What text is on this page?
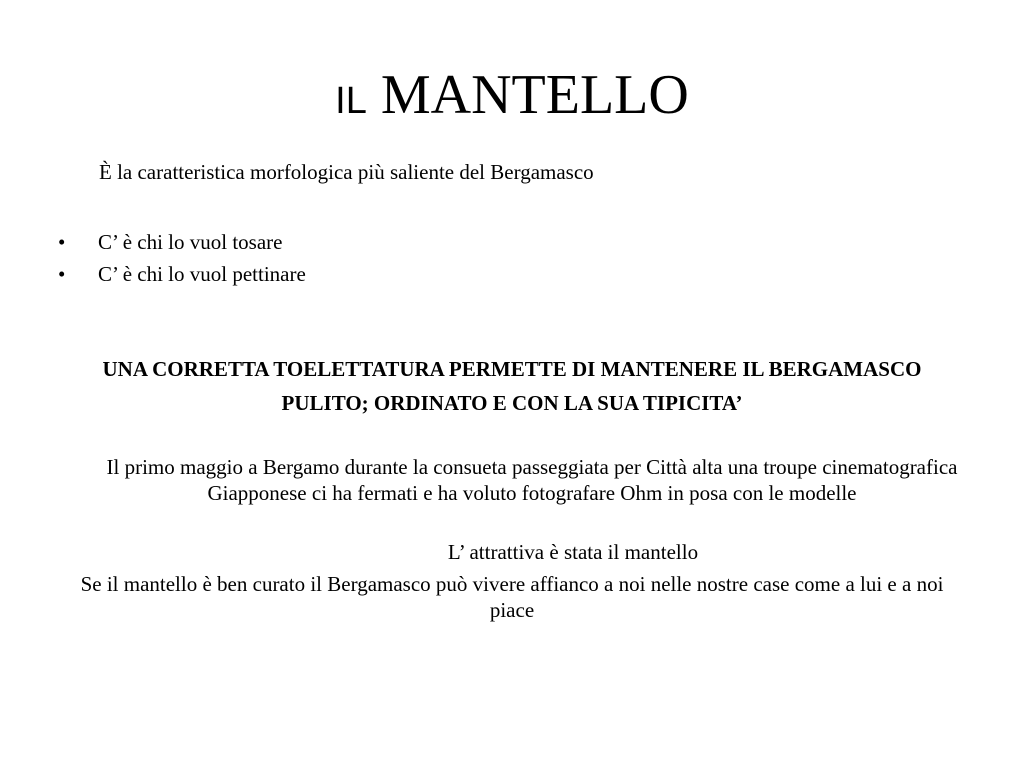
IL MANTELLO
È la caratteristica morfologica più saliente del Bergamasco
• C’ è chi lo vuol tosare
• C’ è chi lo vuol pettinare
UNA CORRETTA TOELETTATURA PERMETTE DI MANTENERE IL BERGAMASCO PULITO; ORDINATO E CON LA SUA TIPICITA’
Il primo maggio a Bergamo durante la consueta passeggiata per Città alta una troupe cinematografica Giapponese ci ha fermati e ha voluto fotografare Ohm in posa con le modelle
L’ attrattiva è stata il mantello
Se il mantello è ben curato il Bergamasco può vivere affianco a noi nelle nostre case come a lui e a noi piace
